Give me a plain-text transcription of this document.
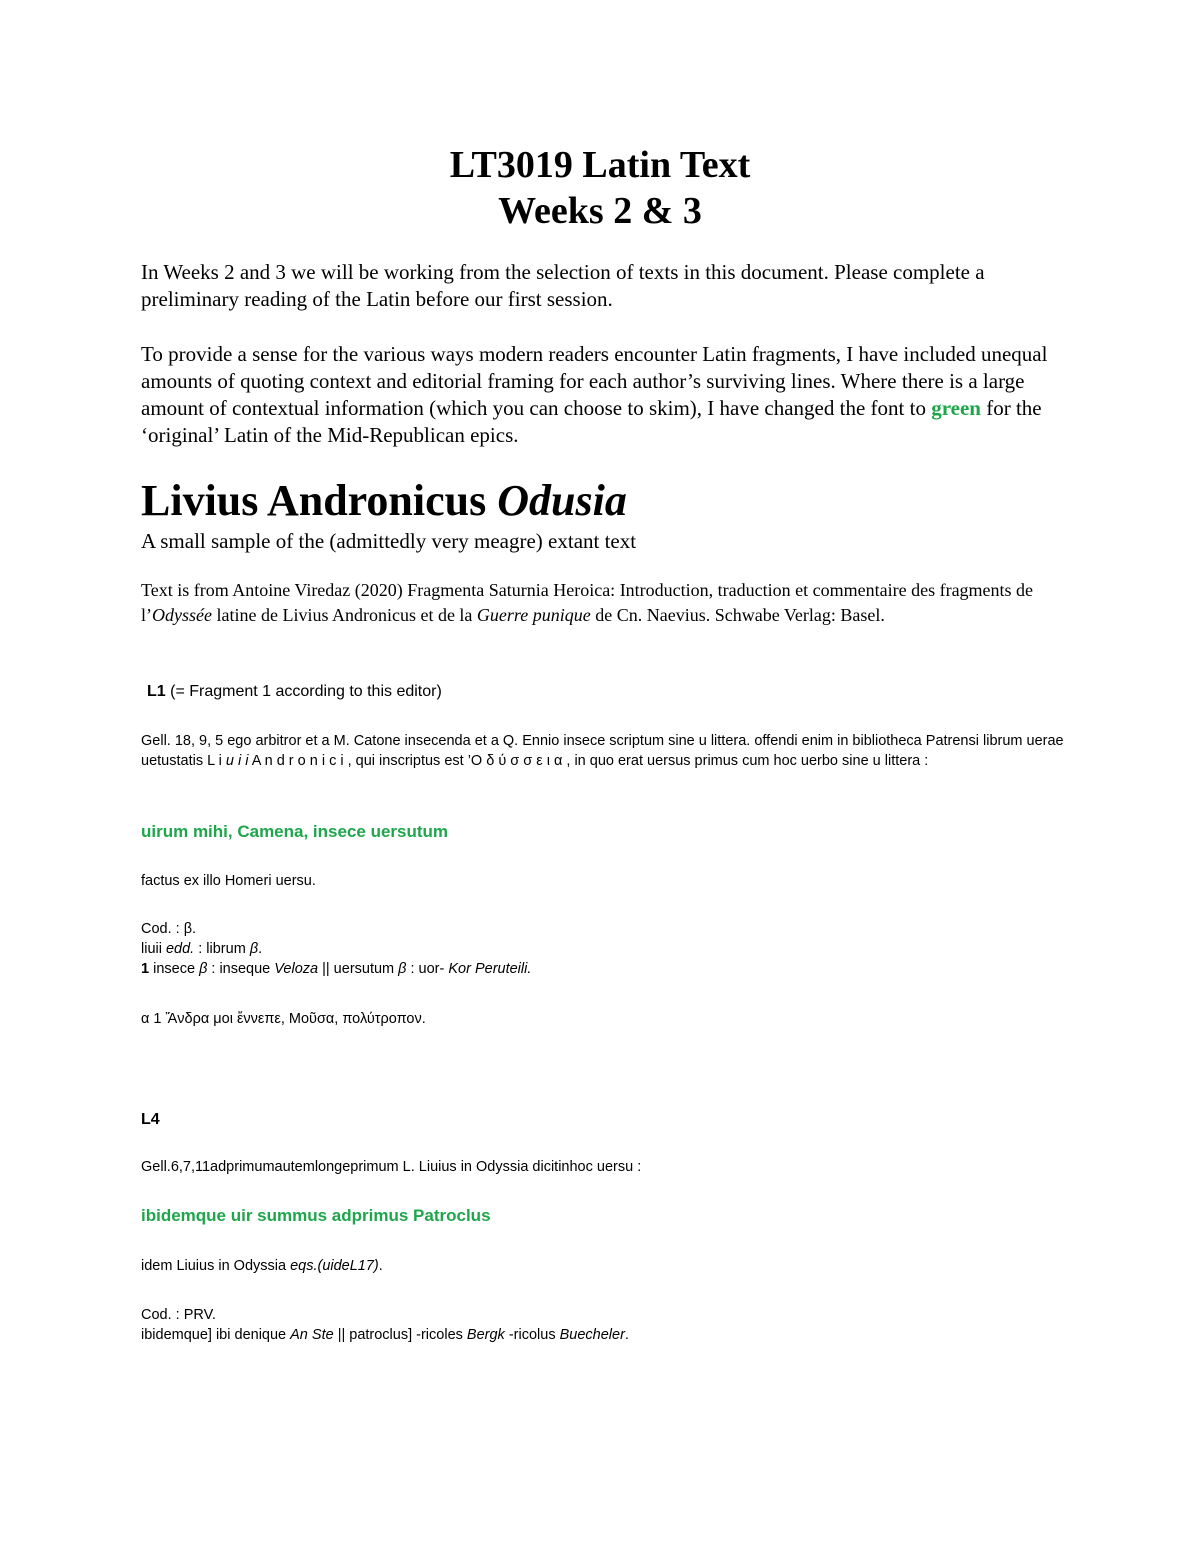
LT3019 Latin Text
Weeks 2 & 3
In Weeks 2 and 3 we will be working from the selection of texts in this document. Please complete a preliminary reading of the Latin before our first session.
To provide a sense for the various ways modern readers encounter Latin fragments, I have included unequal amounts of quoting context and editorial framing for each author’s surviving lines. Where there is a large amount of contextual information (which you can choose to skim), I have changed the font to green for the ‘original’ Latin of the Mid-Republican epics.
Livius Andronicus Odusia
A small sample of the (admittedly very meagre) extant text
Text is from Antoine Viredaz (2020) Fragmenta Saturnia Heroica: Introduction, traduction et commentaire des fragments de l’Odyssée latine de Livius Andronicus et de la Guerre punique de Cn. Naevius. Schwabe Verlag: Basel.
L1 (= Fragment 1 according to this editor)
Gell. 18, 9, 5 ego arbitror et a M. Catone insecenda et a Q. Ennio insece scriptum sine u littera. offendi enim in bibliotheca Patrensi librum uerae uetustatis L i u i i A n d r o n i c i , qui inscriptus est ’Ο δ ύ σ σ ε ι α , in quo erat uersus primus cum hoc uerbo sine u littera :
uirum mihi, Camena, insece uersutum
factus ex illo Homeri uersu.
Cod. : β.
liuii edd. : librum β.
1 insece β : inseque Veloza || uersutum β : uor- Kor Peruteili.
α 1 Ἄνδρα μοι ἔννεπε, Μοῦσα, πολύτροπον.
L4
Gell.6,7,11adprimumautemlongeprimum L. Liuius in Odyssia dicitinhoc uersu :
ibidemque uir summus adprimus Patroclus
idem Liuius in Odyssia eqs.(uideL17).
Cod. : PRV.
ibidemque] ibi denique An Ste || patroclus] -ricoles Bergk -ricolus Buecheler.
